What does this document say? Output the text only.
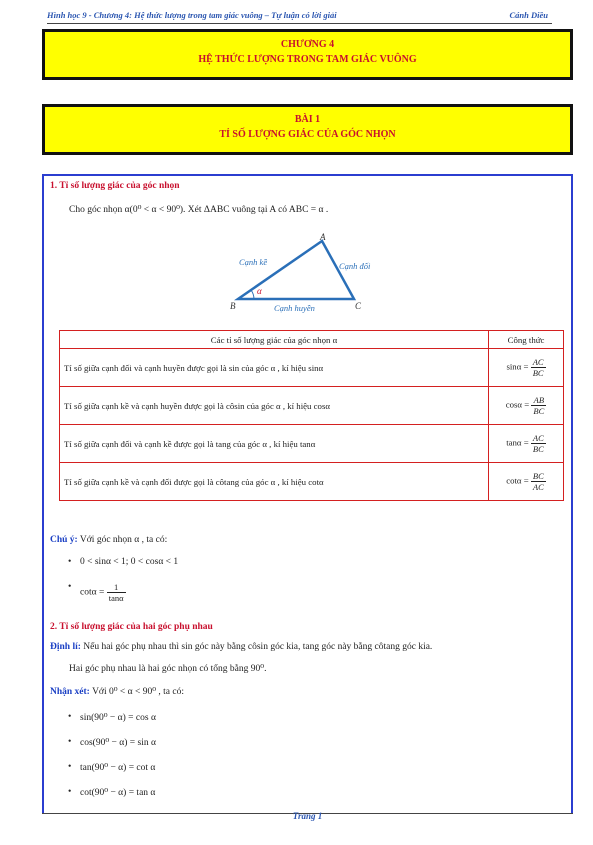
Hình học 9 - Chương 4: Hệ thức lượng trong tam giác vuông – Tự luận có lời giải	Cánh Diều
CHƯƠNG 4
HỆ THỨC LƯỢNG TRONG TAM GIÁC VUÔNG
BÀI 1
TỈ SỐ LƯỢNG GIÁC CỦA GÓC NHỌN
1. Tỉ số lượng giác của góc nhọn
Cho góc nhọn α(0⁰ < α < 90⁰). Xét ΔABC vuông tại A có ABC = α .
A
B	C
α
Cạnh kề	Cạnh đối
Cạnh huyền
Các tỉ số lượng giác của góc nhọn α	Công thức
Tỉ số giữa cạnh đối và cạnh huyền được gọi là sin của góc α , kí hiệu sinα	$\sin\alpha = \frac{AC}{BC}$

Tỉ số giữa cạnh kề và cạnh huyền được gọi là côsin của góc α , kí hiệu cosα	$\cos\alpha = \frac{AB}{BC}$

Tỉ số giữa cạnh đối và cạnh kề được gọi là tang của góc α , kí hiệu tanα	$\tan\alpha = \frac{AC}{BC}$

Tỉ số giữa cạnh kề và cạnh đối được gọi là côtang của góc α , kí hiệu cotα	$\cot\alpha = \frac{BC}{AC}$
Chú ý: Với góc nhọn α , ta có:
• 0 < sinα < 1; 0 < cosα < 1
• $\cot\alpha = \frac{1}{\tan\alpha}$
2. Tỉ số lượng giác của hai góc phụ nhau
Định lí: Nếu hai góc phụ nhau thì sin góc này bằng côsin góc kia, tang góc này bằng côtang góc kia.
Hai góc phụ nhau là hai góc nhọn có tổng bằng 90⁰.
Nhận xét: Với 0⁰ < α < 90⁰ , ta có:
• sin(90⁰ − α) = cos α
• cos(90⁰ − α) = sin α
• tan(90⁰ − α) = cot α
• cot(90⁰ − α) = tan α
Trang 1
